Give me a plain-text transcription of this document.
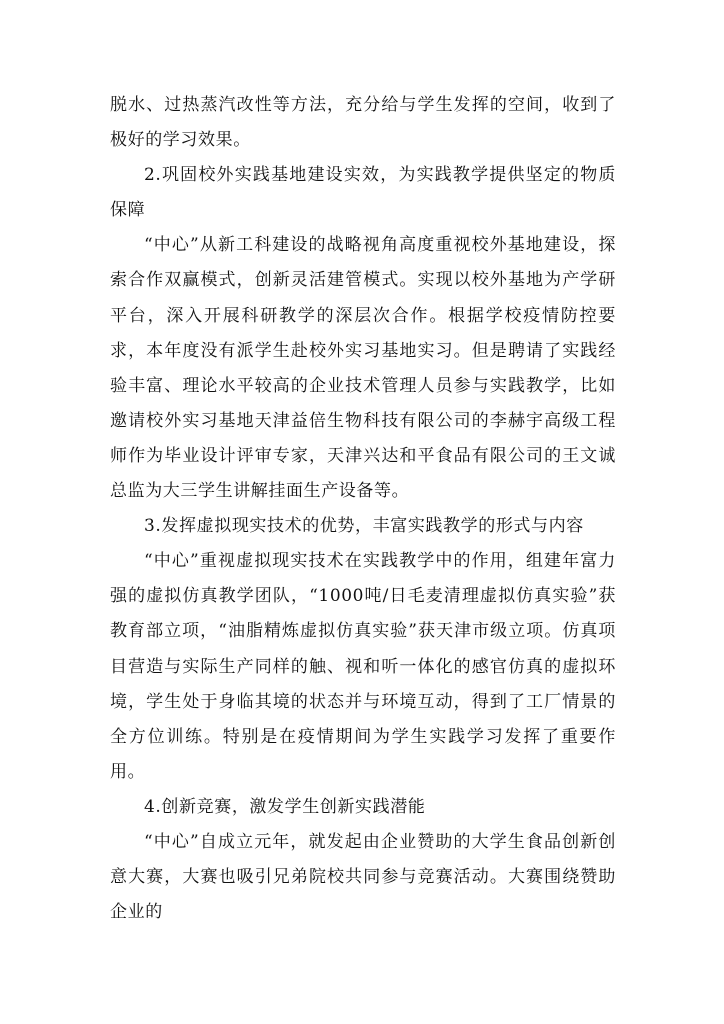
脱水、过热蒸汽改性等方法，充分给与学生发挥的空间，收到了极好的学习效果。

2.巩固校外实践基地建设实效，为实践教学提供坚定的物质保障

“中心”从新工科建设的战略视角高度重视校外基地建设，探索合作双赢模式，创新灵活建管模式。实现以校外基地为产学研平台，深入开展科研教学的深层次合作。根据学校疫情防控要求，本年度没有派学生赴校外实习基地实习。但是聘请了实践经验丰富、理论水平较高的企业技术管理人员参与实践教学，比如邀请校外实习基地天津益倍生物科技有限公司的李赫宇高级工程师作为毕业设计评审专家，天津兴达和平食品有限公司的王文诚总监为大三学生讲解挂面生产设备等。

3.发挥虚拟现实技术的优势，丰富实践教学的形式与内容

“中心”重视虚拟现实技术在实践教学中的作用，组建年富力强的虚拟仿真教学团队，“1000吨/日毛麦清理虚拟仿真实验”获教育部立项，“油脂精炼虚拟仿真实验”获天津市级立项。仿真项目营造与实际生产同样的触、视和听一体化的感官仿真的虚拟环境，学生处于身临其境的状态并与环境互动，得到了工厂情景的全方位训练。特别是在疫情期间为学生实践学习发挥了重要作用。

4.创新竞赛，激发学生创新实践潜能

“中心”自成立元年，就发起由企业赞助的大学生食品创新创意大赛，大赛也吸引兄弟院校共同参与竞赛活动。大赛围绕赞助企业的
